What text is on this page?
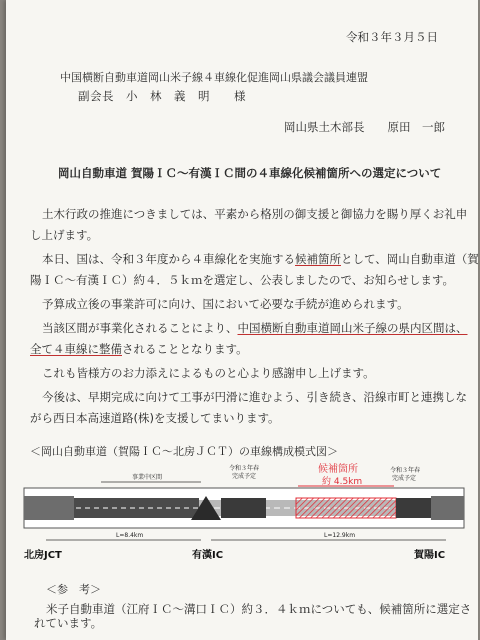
令和３年３月５日
中国横断自動車道岡山米子線４車線化促進岡山県議会議員連盟
副会長　小　林　義　明　　様
岡山県土木部長　　原田　一郎
岡山自動車道 賀陽ＩＣ～有漢ＩＣ間の４車線化候補箇所への選定について

土木行政の推進につきましては、平素から格別の御支援と御協力を賜り厚くお礼申

し上げます。

本日、国は、令和３年度から４車線化を実施する候補箇所として、岡山自動車道（賀

陽ＩＣ～有漢ＩＣ）約４．５ｋｍを選定し、公表しましたので、お知らせします。

予算成立後の事業許可に向け、国において必要な手続が進められます。

当該区間が事業化されることにより、中国横断自動車道岡山米子線の県内区間は、

全て４車線に整備されることとなります。

これも皆様方のお力添えによるものと心より感謝申し上げます。

今後は、早期完成に向けて工事が円滑に進むよう、引き続き、沿線市町と連携しな

がら西日本高速道路(株)を支援してまいります。

＜岡山自動車道（賀陽ＩＣ～北房ＪＣＴ）の車線構成模式図＞
事業中区間
令和３年春
完成予定
候補箇所
約 4.5km
令和３年春
完成予定
L=8.4km	L=12.9km
北房JCT	有漢IC	賀陽IC
＜参　考＞
米子自動車道（江府ＩＣ～溝口ＩＣ）約３．４ｋｍについても、候補箇所に選定さ
れています。
